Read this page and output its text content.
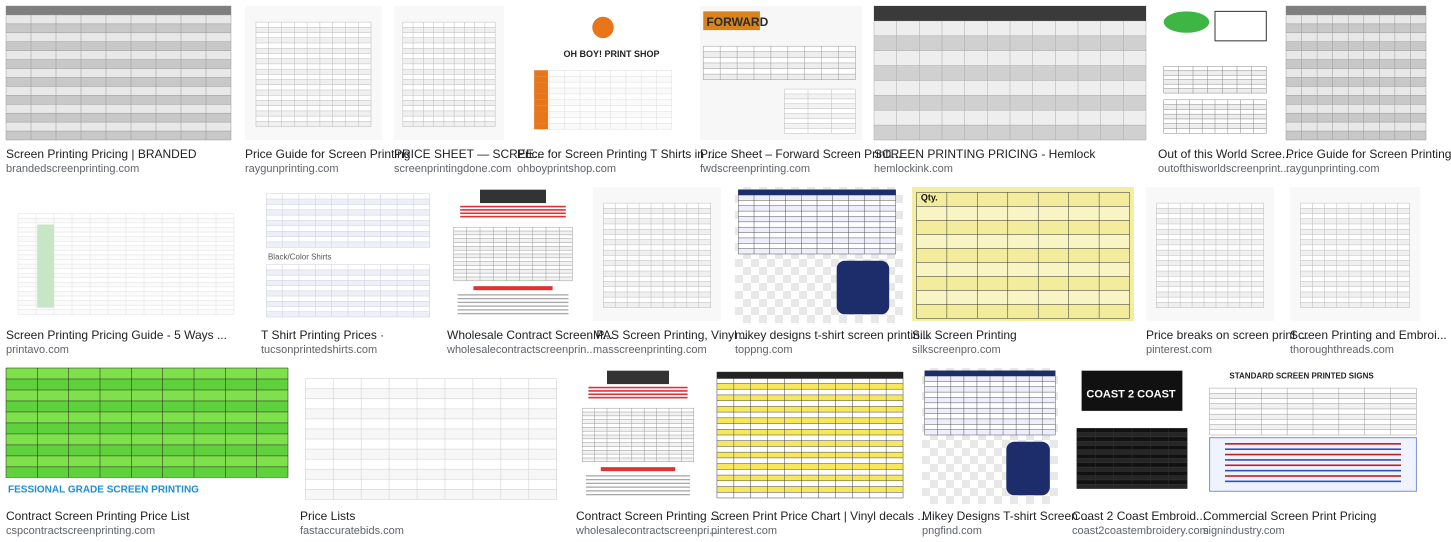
Screen Printing Pricing | BRANDED
brandedscreenprinting.com
Price Guide for Screen Printing
raygunprinting.com
PRICE SHEET — SCREE...
screenprintingdone.com
OH BOY! PRINT SHOP
Price for Screen Printing T Shirts in ...
ohboyprintshop.com
FORWARD
Price Sheet – Forward Screen Printi...
fwdscreenprinting.com
SCREEN PRINTING PRICING - Hemlock
hemlockink.com
Out of this World Scree...
outofthisworldscreenprint...
Price Guide for Screen Printing
raygunprinting.com
Screen Printing Pricing Guide - 5 Ways ...
printavo.com
Black/Color Shirts
T Shirt Printing Prices ·
tucsonprintedshirts.com
Wholesale Contract Screen P...
wholesalecontractscreenprin...
MAS Screen Printing, Vinyl ...
masscreenprinting.com
mikey designs t-shirt screen printin...
toppng.com
Qty.
Silk Screen Printing
silkscreenpro.com
Price breaks on screen print ...
pinterest.com
Screen Printing and Embroi...
thoroughthreads.com
FESSIONAL GRADE SCREEN PRINTING
Contract Screen Printing Price List
cspcontractscreenprinting.com
Price Lists
fastaccuratebids.com
Contract Screen Printing ...
wholesalecontractscreenpri...
Screen Print Price Chart | Vinyl decals ...
pinterest.com
Mikey Designs T-shirt Screen ...
pngfind.com
COAST 2 COAST
Coast 2 Coast Embroid...
coast2coastembroidery.com
STANDARD SCREEN PRINTED SIGNS
Commercial Screen Print Pricing
signindustry.com
